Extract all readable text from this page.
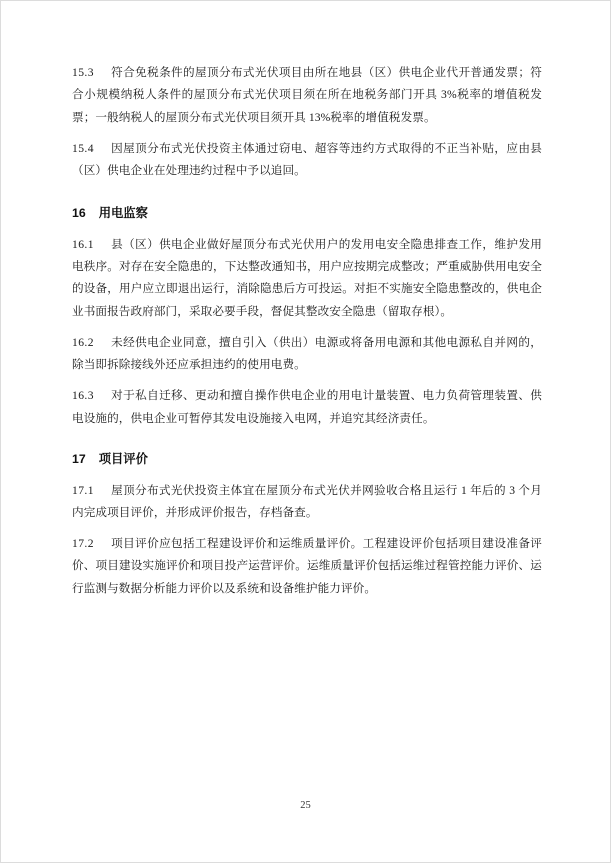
15.3 符合免税条件的屋顶分布式光伏项目由所在地县（区）供电企业代开普通发票；符合小规模纳税人条件的屋顶分布式光伏项目须在所在地税务部门开具 3%税率的增值税发票；一般纳税人的屋顶分布式光伏项目须开具 13%税率的增值税发票。

15.4 因屋顶分布式光伏投资主体通过窃电、超容等违约方式取得的不正当补贴，应由县（区）供电企业在处理违约过程中予以追回。

16 用电监察

16.1 县（区）供电企业做好屋顶分布式光伏用户的发用电安全隐患排查工作，维护发用电秩序。对存在安全隐患的，下达整改通知书，用户应按期完成整改；严重威胁供用电安全的设备，用户应立即退出运行，消除隐患后方可投运。对拒不实施安全隐患整改的，供电企业书面报告政府部门，采取必要手段，督促其整改安全隐患（留取存根）。

16.2 未经供电企业同意，擅自引入（供出）电源或将备用电源和其他电源私自并网的，除当即拆除接线外还应承担违约的使用电费。

16.3 对于私自迁移、更动和擅自操作供电企业的用电计量装置、电力负荷管理装置、供电设施的，供电企业可暂停其发电设施接入电网，并追究其经济责任。

17 项目评价

17.1 屋顶分布式光伏投资主体宜在屋顶分布式光伏并网验收合格且运行 1 年后的 3 个月内完成项目评价，并形成评价报告，存档备查。

17.2 项目评价应包括工程建设评价和运维质量评价。工程建设评价包括项目建设准备评价、项目建设实施评价和项目投产运营评价。运维质量评价包括运维过程管控能力评价、运行监测与数据分析能力评价以及系统和设备维护能力评价。

25
